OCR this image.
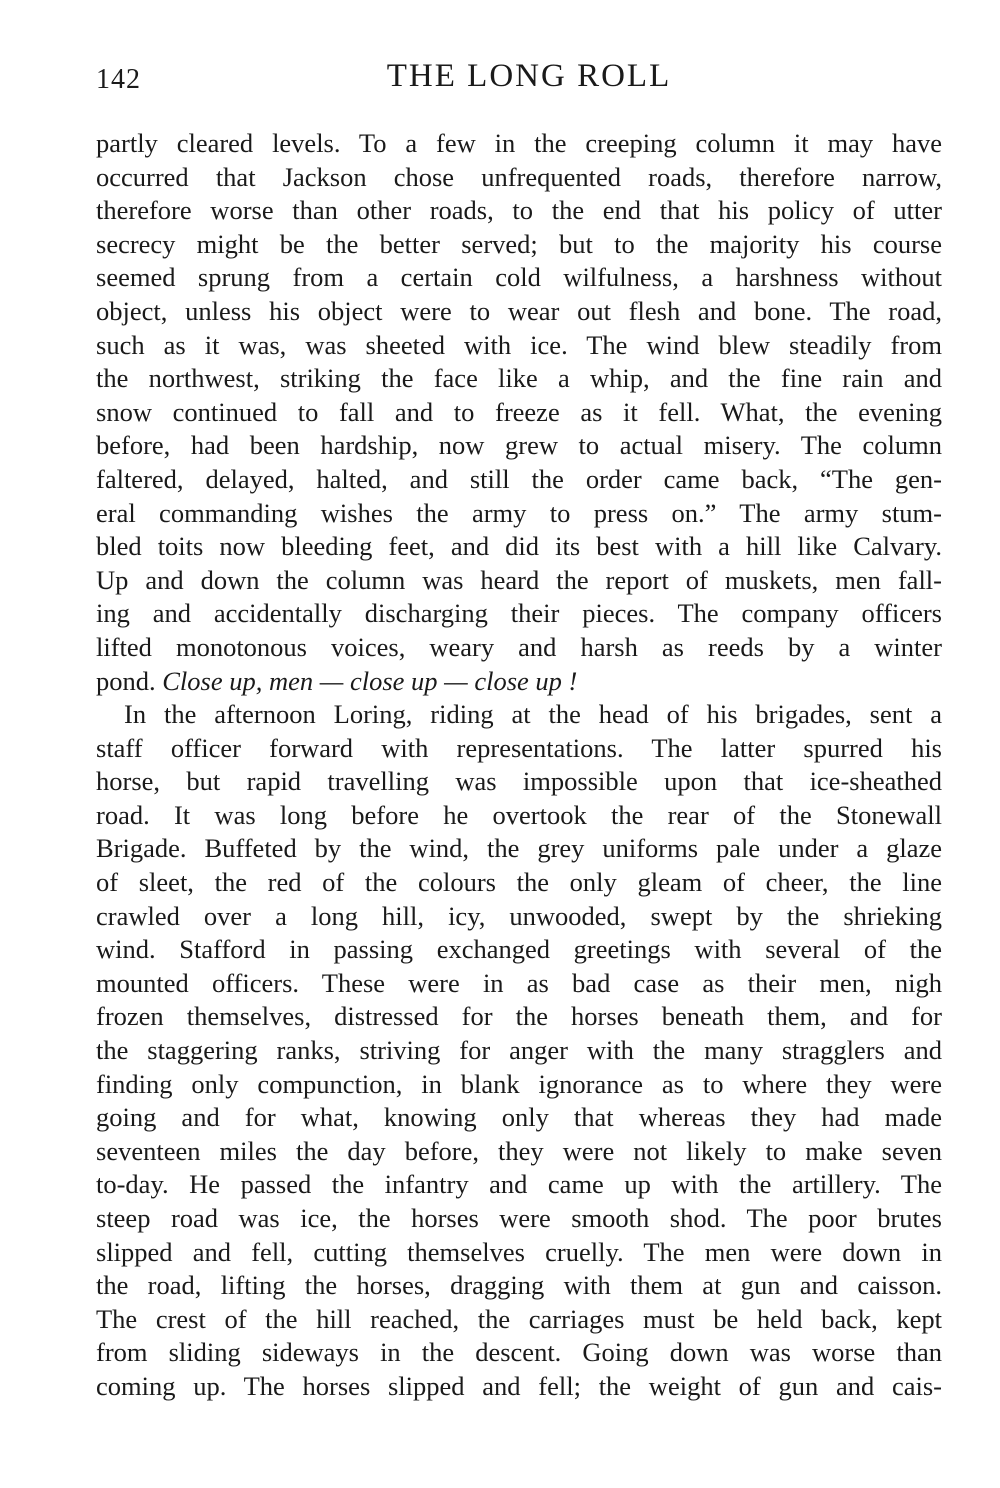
142	THE LONG ROLL
partly cleared levels. To a few in the creeping column it may have
occurred that Jackson chose unfrequented roads, therefore narrow,
therefore worse than other roads, to the end that his policy of utter
secrecy might be the better served; but to the majority his course
seemed sprung from a certain cold wilfulness, a harshness without
object, unless his object were to wear out flesh and bone. The road,
such as it was, was sheeted with ice. The wind blew steadily from
the northwest, striking the face like a whip, and the fine rain and
snow continued to fall and to freeze as it fell. What, the evening
before, had been hardship, now grew to actual misery. The column
faltered, delayed, halted, and still the order came back, “The gen-
eral commanding wishes the army to press on.” The army stum-
bled toits now bleeding feet, and did its best with a hill like Calvary.
Up and down the column was heard the report of muskets, men fall-
ing and accidentally discharging their pieces. The company officers
lifted monotonous voices, weary and harsh as reeds by a winter
pond. Close up, men — close up — close up !
In the afternoon Loring, riding at the head of his brigades, sent a
staff officer forward with representations. The latter spurred his
horse, but rapid travelling was impossible upon that ice-sheathed
road. It was long before he overtook the rear of the Stonewall
Brigade. Buffeted by the wind, the grey uniforms pale under a glaze
of sleet, the red of the colours the only gleam of cheer, the line
crawled over a long hill, icy, unwooded, swept by the shrieking
wind. Stafford in passing exchanged greetings with several of the
mounted officers. These were in as bad case as their men, nigh
frozen themselves, distressed for the horses beneath them, and for
the staggering ranks, striving for anger with the many stragglers and
finding only compunction, in blank ignorance as to where they were
going and for what, knowing only that whereas they had made
seventeen miles the day before, they were not likely to make seven
to-day. He passed the infantry and came up with the artillery. The
steep road was ice, the horses were smooth shod. The poor brutes
slipped and fell, cutting themselves cruelly. The men were down in
the road, lifting the horses, dragging with them at gun and caisson.
The crest of the hill reached, the carriages must be held back, kept
from sliding sideways in the descent. Going down was worse than
coming up. The horses slipped and fell; the weight of gun and cais-
